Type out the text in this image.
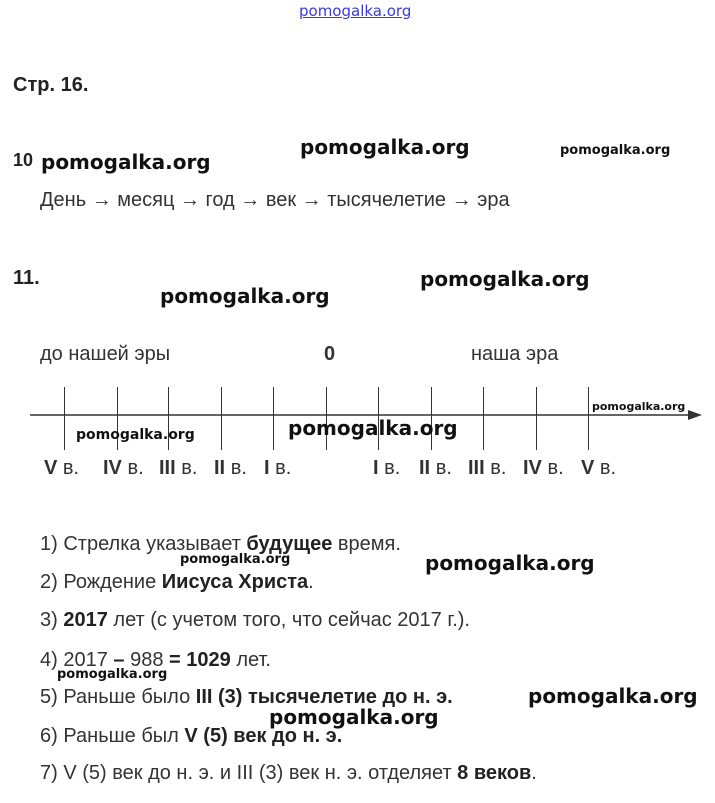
pomogalka.org
Стр. 16.
10
День → месяц → год → век → тысячелетие → эра
11.
до нашей эры	0	наша эра
V в. IV в. III в. II в. I в.	I в. II в. III в. IV в. V в.
1) Стрелка указывает будущее время.
2) Рождение Иисуса Христа.
3) 2017 лет (с учетом того, что сейчас 2017 г.).
4) 2017 – 988 = 1029 лет.
5) Раньше было III (3) тысячелетие до н. э.
6) Раньше был V (5) век до н. э.
7) V (5) век до н. э. и III (3) век н. э. отделяет 8 веков.
pomogalka.org
pomogalka.org	pomogalka.org
pomogalka.org
pomogalka.org
pomogalka.org
pomogalka.org	pomogalka.org
pomogalka.org	pomogalka.org
pomogalka.org
pomogalka.org
pomogalka.org
